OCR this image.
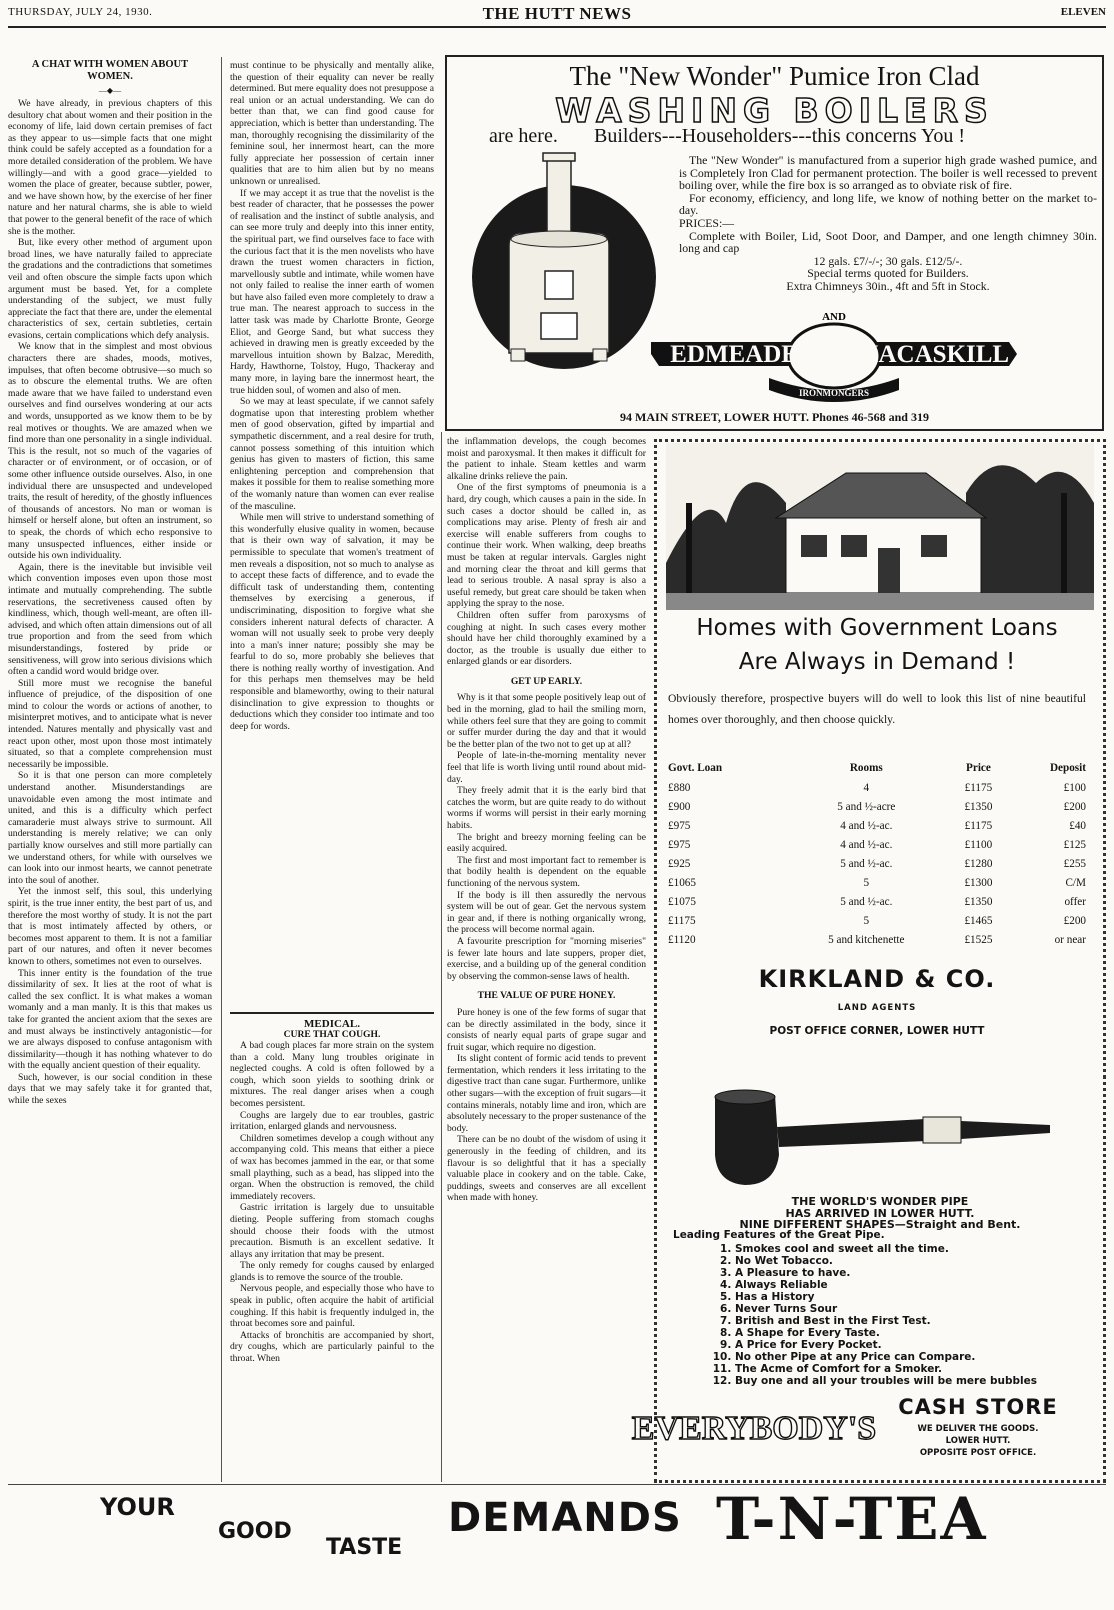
THURSDAY, JULY 24, 1930.	THE HUTT NEWS	ELEVEN
A CHAT WITH WOMEN ABOUT WOMEN.
—◆—

We have already, in previous chapters of this desultory chat about women and their position in the economy of life, laid down certain premises of fact as they appear to us—simple facts that one might think could be safely accepted as a foundation for a more detailed consideration of the problem. We have willingly—and with a good grace—yielded to women the place of greater, because subtler, power, and we have shown how, by the exercise of her finer nature and her natural charms, she is able to wield that power to the general benefit of the race of which she is the mother.

But, like every other method of argument upon broad lines, we have naturally failed to appreciate the gradations and the contradictions that sometimes veil and often obscure the simple facts upon which argument must be based. Yet, for a complete understanding of the subject, we must fully appreciate the fact that there are, under the elemental characteristics of sex, certain subtleties, certain evasions, certain complications which defy analysis.

We know that in the simplest and most obvious characters there are shades, moods, motives, impulses, that often become obtrusive—so much so as to obscure the elemental truths. We are often made aware that we have failed to understand even ourselves and find ourselves wondering at our acts and words, unsupported as we know them to be by real motives or thoughts. We are amazed when we find more than one personality in a single individual. This is the result, not so much of the vagaries of character or of environment, or of occasion, or of some other influence outside ourselves. Also, in one individual there are unsuspected and undeveloped traits, the result of heredity, of the ghostly influences of thousands of ancestors. No man or woman is himself or herself alone, but often an instrument, so to speak, the chords of which echo responsive to many unsuspected influences, either inside or outside his own individuality.

Again, there is the inevitable but invisible veil which convention imposes even upon those most intimate and mutually comprehending. The subtle reservations, the secretiveness caused often by kindliness, which, though well-meant, are often ill-advised, and which often attain dimensions out of all true proportion and from the seed from which misunderstandings, fostered by pride or sensitiveness, will grow into serious divisions which often a candid word would bridge over.

Still more must we recognise the baneful influence of prejudice, of the disposition of one mind to colour the words or actions of another, to misinterpret motives, and to anticipate what is never intended. Natures mentally and physically vast and react upon other, most upon those most intimately situated, so that a complete comprehension must necessarily be impossible.

So it is that one person can more completely understand another. Misunderstandings are unavoidable even among the most intimate and united, and this is a difficulty which perfect camaraderie must always strive to surmount. All understanding is merely relative; we can only partially know ourselves and still more partially can we understand others, for while with ourselves we can look into our inmost hearts, we cannot penetrate into the soul of another.

Yet the inmost self, this soul, this underlying spirit, is the true inner entity, the best part of us, and therefore the most worthy of study. It is not the part that is most intimately affected by others, or becomes most apparent to them. It is not a familiar part of our natures, and often it never becomes known to others, sometimes not even to ourselves.

This inner entity is the foundation of the true dissimilarity of sex. It lies at the root of what is called the sex conflict. It is what makes a woman womanly and a man manly. It is this that makes us take for granted the ancient axiom that the sexes are and must always be instinctively antagonistic—for we are always disposed to confuse antagonism with dissimilarity—though it has nothing whatever to do with the equally ancient question of their equality.

Such, however, is our social condition in these days that we may safely take it for granted that, while the sexes

must continue to be physically and mentally alike, the question of their equality can never be really determined. But mere equality does not presuppose a real union or an actual understanding. We can do better than that, we can find good cause for appreciation, which is better than understanding. The man, thoroughly recognising the dissimilarity of the feminine soul, her innermost heart, can the more fully appreciate her possession of certain inner qualities that are to him alien but by no means unknown or unrealised.

If we may accept it as true that the novelist is the best reader of character, that he possesses the power of realisation and the instinct of subtle analysis, and can see more truly and deeply into this inner entity, the spiritual part, we find ourselves face to face with the curious fact that it is the men novelists who have drawn the truest women characters in fiction, marvellously subtle and intimate, while women have not only failed to realise the inner earth of women but have also failed even more completely to draw a true man. The nearest approach to success in the latter task was made by Charlotte Bronte, George Eliot, and George Sand, but what success they achieved in drawing men is greatly exceeded by the marvellous intuition shown by Balzac, Meredith, Hardy, Hawthorne, Tolstoy, Hugo, Thackeray and many more, in laying bare the innermost heart, the true hidden soul, of women and also of men.

So we may at least speculate, if we cannot safely dogmatise upon that interesting problem whether men of good observation, gifted by impartial and sympathetic discernment, and a real desire for truth, cannot possess something of this intuition which genius has given to masters of fiction, this same enlightening perception and comprehension that makes it possible for them to realise something more of the womanly nature than women can ever realise of the masculine.

While men will strive to understand something of this wonderfully elusive quality in women, because that is their own way of salvation, it may be permissible to speculate that women's treatment of men reveals a disposition, not so much to analyse as to accept these facts of difference, and to evade the difficult task of understanding them, contenting themselves by exercising a generous, if undiscriminating, disposition to forgive what she considers inherent natural defects of character. A woman will not usually seek to probe very deeply into a man's inner nature; possibly she may be fearful to do so, more probably she believes that there is nothing really worthy of investigation. And for this perhaps men themselves may be held responsible and blameworthy, owing to their natural disinclination to give expression to thoughts or deductions which they consider too intimate and too deep for words.

MEDICAL.
CURE THAT COUGH.

A bad cough places far more strain on the system than a cold. Many lung troubles originate in neglected coughs. A cold is often followed by a cough, which soon yields to soothing drink or mixtures. The real danger arises when a cough becomes persistent.

Coughs are largely due to ear troubles, gastric irritation, enlarged glands and nervousness.

Children sometimes develop a cough without any accompanying cold. This means that either a piece of wax has becomes jammed in the ear, or that some small plaything, such as a bead, has slipped into the organ. When the obstruction is removed, the child immediately recovers.

Gastric irritation is largely due to unsuitable dieting. People suffering from stomach coughs should choose their foods with the utmost precaution. Bismuth is an excellent sedative. It allays any irritation that may be present.

The only remedy for coughs caused by enlarged glands is to remove the source of the trouble.

Nervous people, and especially those who have to speak in public, often acquire the habit of artificial coughing. If this habit is frequently indulged in, the throat becomes sore and painful.

Attacks of bronchitis are accompanied by short, dry coughs, which are particularly painful to the throat. When

the inflammation develops, the cough becomes moist and paroxysmal. It then makes it difficult for the patient to inhale. Steam kettles and warm alkaline drinks relieve the pain.

One of the first symptoms of pneumonia is a hard, dry cough, which causes a pain in the side. In such cases a doctor should be called in, as complications may arise. Plenty of fresh air and exercise will enable sufferers from coughs to continue their work. When walking, deep breaths must be taken at regular intervals. Gargles night and morning clear the throat and kill germs that lead to serious trouble. A nasal spray is also a useful remedy, but great care should be taken when applying the spray to the nose.

Children often suffer from paroxysms of coughing at night. In such cases every mother should have her child thoroughly examined by a doctor, as the trouble is usually due either to enlarged glands or ear disorders.

GET UP EARLY.

Why is it that some people positively leap out of bed in the morning, glad to hail the smiling morn, while others feel sure that they are going to commit or suffer murder during the day and that it would be the better plan of the two not to get up at all?

People of late-in-the-morning mentality never feel that life is worth living until round about mid-day.

They freely admit that it is the early bird that catches the worm, but are quite ready to do without worms if worms will persist in their early morning habits.

The bright and breezy morning feeling can be easily acquired.

The first and most important fact to remember is that bodily health is dependent on the equable functioning of the nervous system.

If the body is ill then assuredly the nervous system will be out of gear. Get the nervous system in gear and, if there is nothing organically wrong, the process will become normal again.

A favourite prescription for "morning miseries" is fewer late hours and late suppers, proper diet, exercise, and a building up of the general condition by observing the common-sense laws of health.

THE VALUE OF PURE HONEY.

Pure honey is one of the few forms of sugar that can be directly assimilated in the body, since it consists of nearly equal parts of grape sugar and fruit sugar, which require no digestion.

Its slight content of formic acid tends to prevent fermentation, which renders it less irritating to the digestive tract than cane sugar. Furthermore, unlike other sugars—with the exception of fruit sugars—it contains minerals, notably lime and iron, which are absolutely necessary to the proper sustenance of the body.

There can be no doubt of the wisdom of using it generously in the feeding of children, and its flavour is so delightful that it has a specially valuable place in cookery and on the table. Cake, puddings, sweets and conserves are all excellent when made with honey.

The "New Wonder" Pumice Iron Clad
WASHING BOILERS
are here. Builders---Householders---this concerns You !

The "New Wonder" is manufactured from a superior high grade washed pumice, and is Completely Iron Clad for permanent protection. The boiler is well recessed to prevent boiling over, while the fire box is so arranged as to obviate risk of fire.

For economy, efficiency, and long life, we know of nothing better on the market to-day.

PRICES:—

Complete with Boiler, Lid, Soot Door, and Damper, and one length chimney 30in. long and cap

12 gals. £7/-/-; 30 gals. £12/5/-.

Special terms quoted for Builders.

Extra Chimneys 30in., 4ft and 5ft in Stock.

AND
EDMEADES MACASKILL
IRONMONGERS
94 MAIN STREET, LOWER HUTT. Phones 46-568 and 319
Homes with Government Loans
Are Always in Demand !
Obviously therefore, prospective buyers will do well to look this list of nine beautiful homes over thoroughly, and then choose quickly.
Govt. Loan	Rooms	Price	Deposit
£880	4	£1175	£100
£900	5 and ½-acre	£1350	£200
£975	4 and ½-ac.	£1175	£40
£975	4 and ½-ac.	£1100	£125
£925	5 and ½-ac.	£1280	£255
£1065	5	£1300	C/M
£1075	5 and ½-ac.	£1350	offer
£1175	5	£1465	£200
£1120	5 and kitchenette	£1525	or near
KIRKLAND & CO.
LAND AGENTS
POST OFFICE CORNER, LOWER HUTT
THE WORLD'S WONDER PIPE
HAS ARRIVED IN LOWER HUTT.
NINE DIFFERENT SHAPES—Straight and Bent.
Leading Features of the Great Pipe.
1. Smokes cool and sweet all the time.
2. No Wet Tobacco.
3. A Pleasure to have.
4. Always Reliable
5. Has a History
6. Never Turns Sour
7. British and Best in the First Test.
8. A Shape for Every Taste.
9. A Price for Every Pocket.
10. No other Pipe at any Price can Compare.
11. The Acme of Comfort for a Smoker.
12. Buy one and all your troubles will be mere bubbles
EVERYBODY'S
CASH STORE
WE DELIVER THE GOODS.
LOWER HUTT.
OPPOSITE POST OFFICE.
YOUR
GOOD
TASTE
DEMANDS T-N-TEA
